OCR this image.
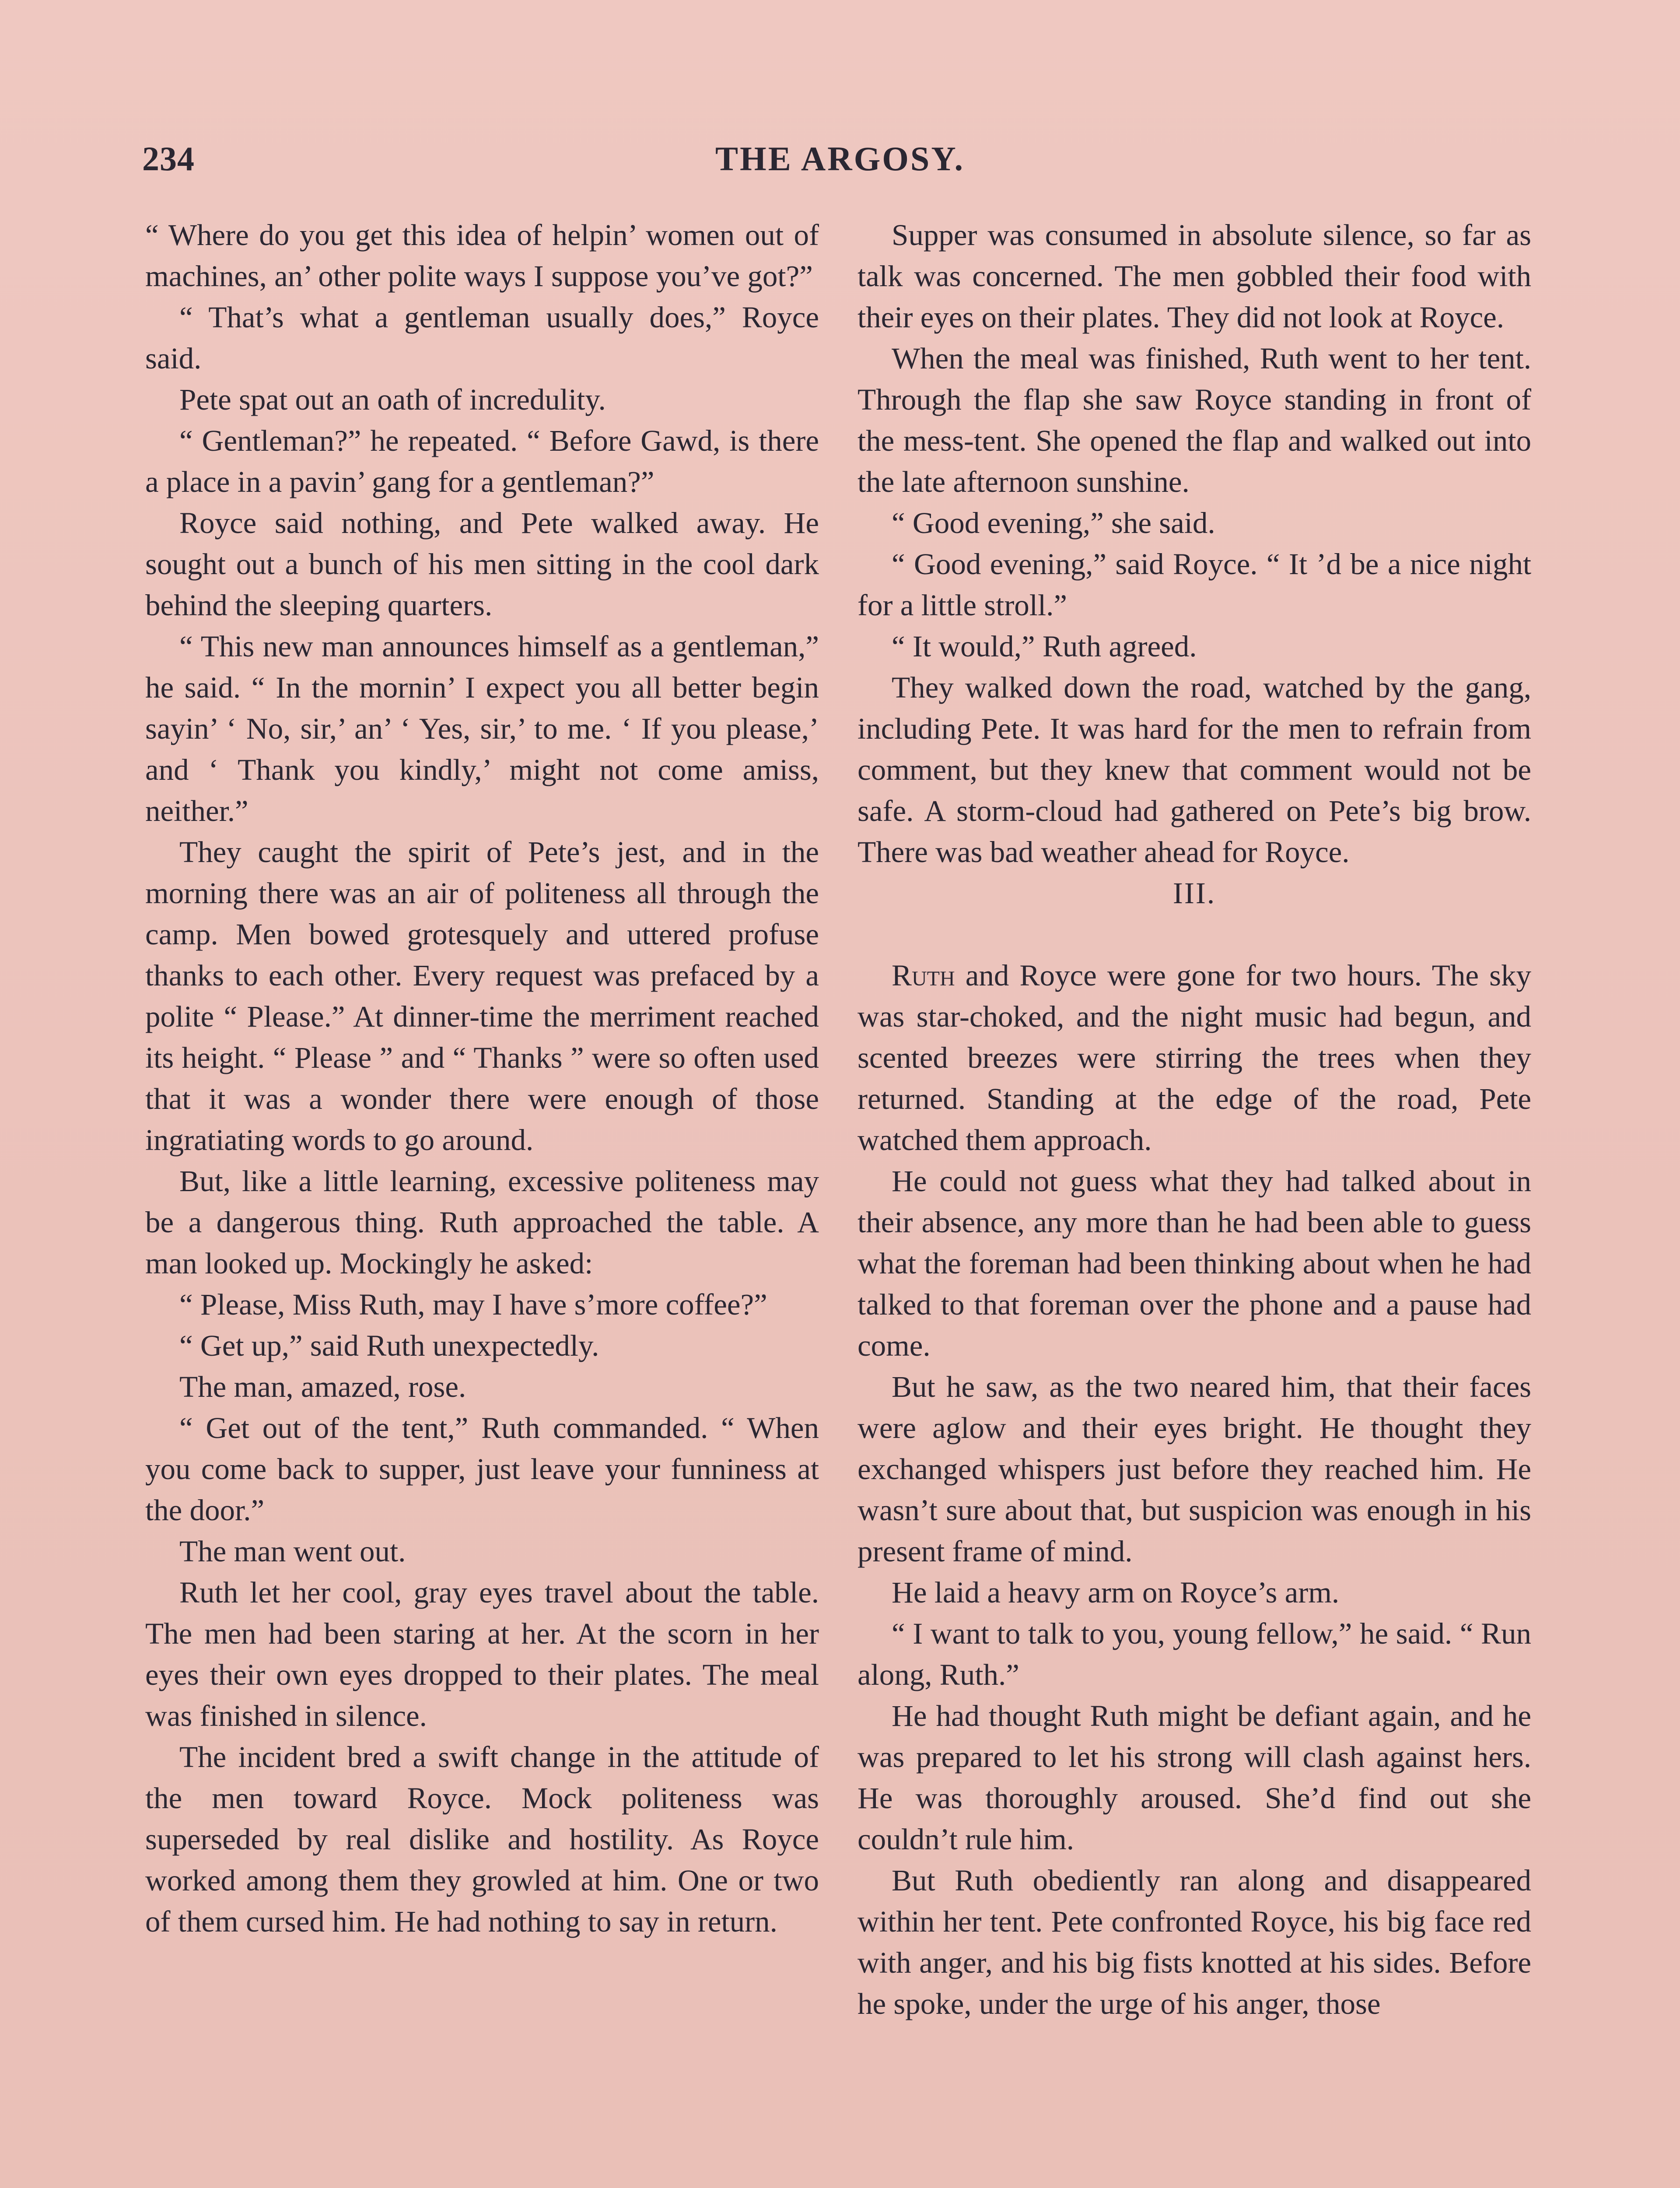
234	THE ARGOSY.

“ Where do you get this idea of helpin’ women out of machines, an’ other polite ways I suppose you’ve got?”

“ That’s what a gentleman usually does,” Royce said.

Pete spat out an oath of incredulity.

“ Gentleman?” he repeated. “ Before Gawd, is there a place in a pavin’ gang for a gentleman?”

Royce said nothing, and Pete walked away. He sought out a bunch of his men sitting in the cool dark behind the sleeping quarters.

“ This new man announces himself as a gentleman,” he said. “ In the mornin’ I expect you all better begin sayin’ ‘ No, sir,’ an’ ‘ Yes, sir,’ to me. ‘ If you please,’ and ‘ Thank you kindly,’ might not come amiss, neither.”

They caught the spirit of Pete’s jest, and in the morning there was an air of politeness all through the camp. Men bowed grotesquely and uttered profuse thanks to each other. Every request was prefaced by a polite “ Please.” At dinner-time the merriment reached its height. “ Please ” and “ Thanks ” were so often used that it was a wonder there were enough of those ingratiating words to go around.

But, like a little learning, excessive politeness may be a dangerous thing. Ruth approached the table. A man looked up. Mockingly he asked:

“ Please, Miss Ruth, may I have s’more coffee?”

“ Get up,” said Ruth unexpectedly.

The man, amazed, rose.

“ Get out of the tent,” Ruth commanded. “ When you come back to supper, just leave your funniness at the door.”

The man went out.

Ruth let her cool, gray eyes travel about the table. The men had been staring at her. At the scorn in her eyes their own eyes dropped to their plates. The meal was finished in silence.

The incident bred a swift change in the attitude of the men toward Royce. Mock politeness was superseded by real dislike and hostility. As Royce worked among them they growled at him. One or two of them cursed him. He had nothing to say in return.

Supper was consumed in absolute silence, so far as talk was concerned. The men gobbled their food with their eyes on their plates. They did not look at Royce.

When the meal was finished, Ruth went to her tent. Through the flap she saw Royce standing in front of the mess-tent. She opened the flap and walked out into the late afternoon sunshine.

“ Good evening,” she said.

“ Good evening,” said Royce. “ It ’d be a nice night for a little stroll.”

“ It would,” Ruth agreed.

They walked down the road, watched by the gang, including Pete. It was hard for the men to refrain from comment, but they knew that comment would not be safe. A storm-cloud had gathered on Pete’s big brow. There was bad weather ahead for Royce.

III.

Ruth and Royce were gone for two hours. The sky was star-choked, and the night music had begun, and scented breezes were stirring the trees when they returned. Standing at the edge of the road, Pete watched them approach.

He could not guess what they had talked about in their absence, any more than he had been able to guess what the foreman had been thinking about when he had talked to that foreman over the phone and a pause had come.

But he saw, as the two neared him, that their faces were aglow and their eyes bright. He thought they exchanged whispers just before they reached him. He wasn’t sure about that, but suspicion was enough in his present frame of mind.

He laid a heavy arm on Royce’s arm.

“ I want to talk to you, young fellow,” he said. “ Run along, Ruth.”

He had thought Ruth might be defiant again, and he was prepared to let his strong will clash against hers. He was thoroughly aroused. She’d find out she couldn’t rule him.

But Ruth obediently ran along and disappeared within her tent. Pete confronted Royce, his big face red with anger, and his big fists knotted at his sides. Before he spoke, under the urge of his anger, those
